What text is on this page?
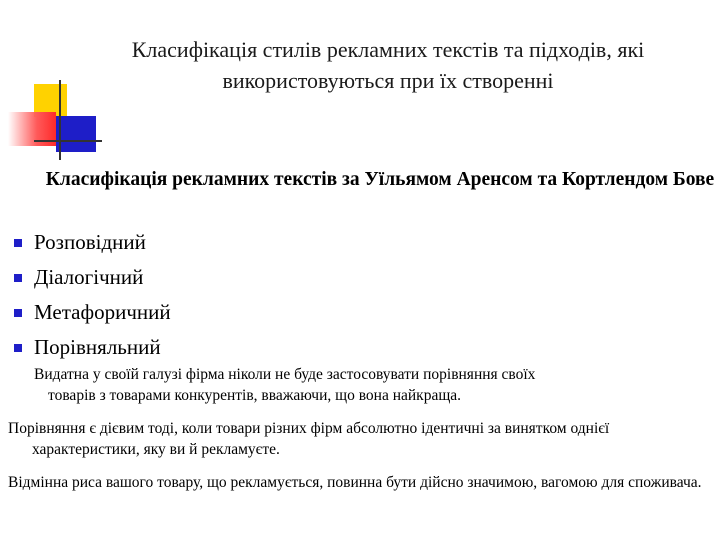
Класифікація стилів рекламних текстів та підходів, які використовуються при їх створенні
Класифікація рекламних текстів за Уїльямом Аренсом та Кортлендом Бове
Розповідний
Діалогічний
Метафоричний
Порівняльний
Видатна у своїй галузі фірма ніколи не буде застосовувати порівняння своїх
товарів з товарами конкурентів, вважаючи, що вона найкраща.
Порівняння є дієвим тоді, коли товари різних фірм абсолютно ідентичні за винятком однієї характеристики, яку ви й рекламуєте.
Відмінна риса вашого товару, що рекламується, повинна бути дійсно значимою, вагомою для споживача.
